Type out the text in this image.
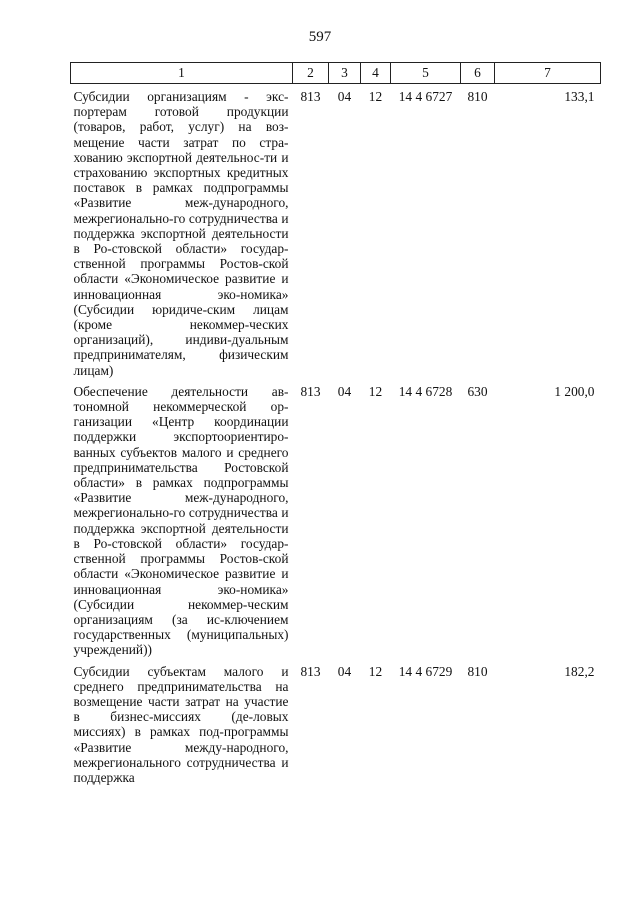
597
1	2	3	4	5	6	7
Субсидии организациям - экс-портерам готовой продукции (товаров, работ, услуг) на воз-мещение части затрат по стра-хованию экспортной деятельнос-ти и страхованию экспортных кредитных поставок в рамках подпрограммы «Развитие меж-дународного, межрегионально-го сотрудничества и поддержка экспортной деятельности в Ро-стовской области» государ-ственной программы Ростов-ской области «Экономическое развитие и инновационная эко-номика» (Субсидии юридиче-ским лицам (кроме некоммер-ческих организаций), индиви-дуальным предпринимателям, физическим лицам)	813	04	12	14 4 6727	810	133,1
Обеспечение деятельности ав-тономной некоммерческой ор-ганизации «Центр координации поддержки экспортоориентиро-ванных субъектов малого и среднего предпринимательства Ростовской области» в рамках подпрограммы «Развитие меж-дународного, межрегионально-го сотрудничества и поддержка экспортной деятельности в Ро-стовской области» государ-ственной программы Ростов-ской области «Экономическое развитие и инновационная эко-номика» (Субсидии некоммер-ческим организациям (за ис-ключением государственных (муниципальных) учреждений))	813	04	12	14 4 6728	630	1 200,0
Субсидии субъектам малого и среднего предпринимательства на возмещение части затрат на участие в бизнес-миссиях (де-ловых миссиях) в рамках под-программы «Развитие между-народного, межрегионального сотрудничества и поддержка	813	04	12	14 4 6729	810	182,2
